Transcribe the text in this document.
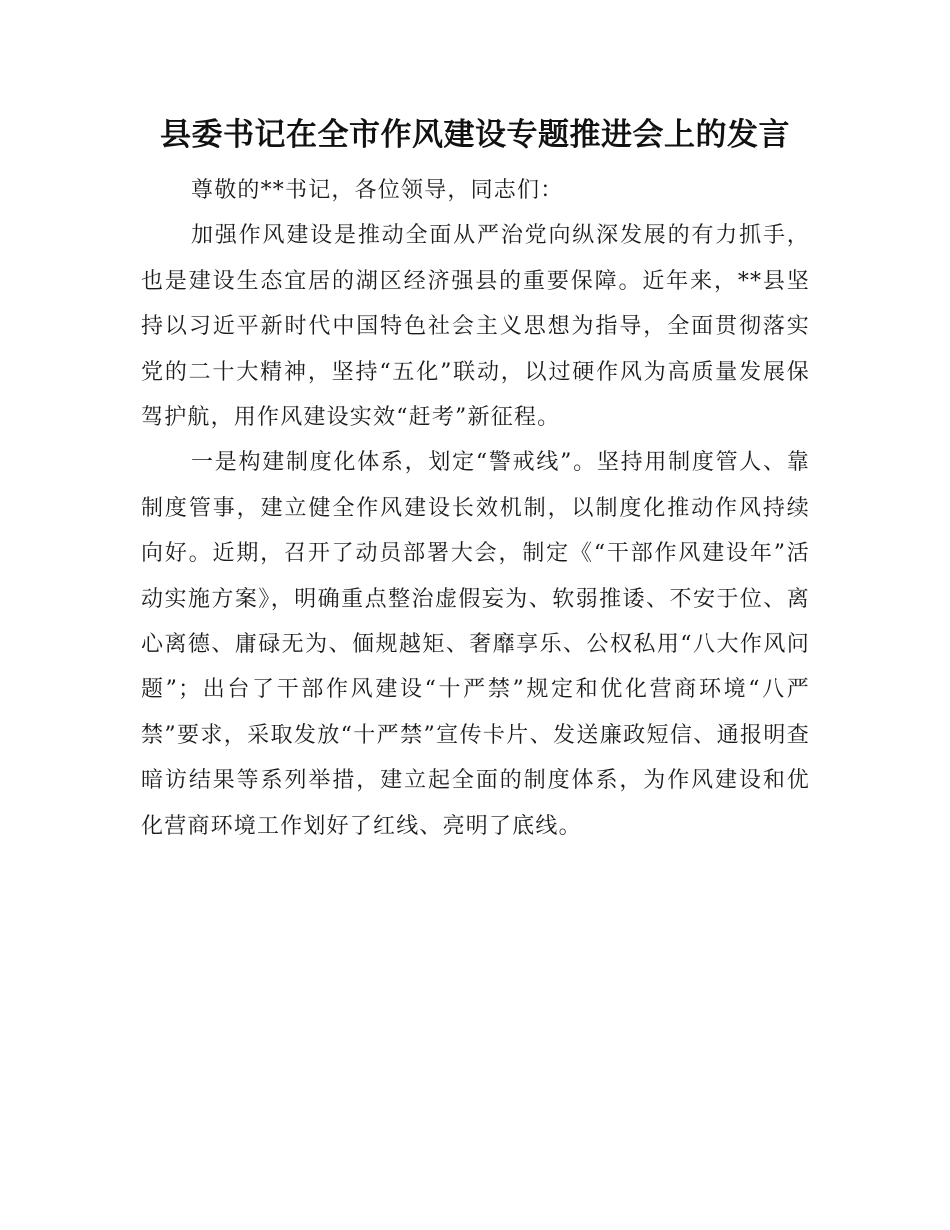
县委书记在全市作风建设专题推进会上的发言

尊敬的**书记，各位领导，同志们：

加强作风建设是推动全面从严治党向纵深发展的有力抓手，也是建设生态宜居的湖区经济强县的重要保障。近年来，**县坚持以习近平新时代中国特色社会主义思想为指导，全面贯彻落实党的二十大精神，坚持“五化”联动，以过硬作风为高质量发展保驾护航，用作风建设实效“赶考”新征程。

一是构建制度化体系，划定“警戒线”。坚持用制度管人、靠制度管事，建立健全作风建设长效机制，以制度化推动作风持续向好。近期，召开了动员部署大会，制定《“干部作风建设年”活动实施方案》，明确重点整治虚假妄为、软弱推诿、不安于位、离心离德、庸碌无为、偭规越矩、奢靡享乐、公权私用“八大作风问题”；出台了干部作风建设“十严禁”规定和优化营商环境“八严禁”要求，采取发放“十严禁”宣传卡片、发送廉政短信、通报明查暗访结果等系列举措，建立起全面的制度体系，为作风建设和优化营商环境工作划好了红线、亮明了底线。
